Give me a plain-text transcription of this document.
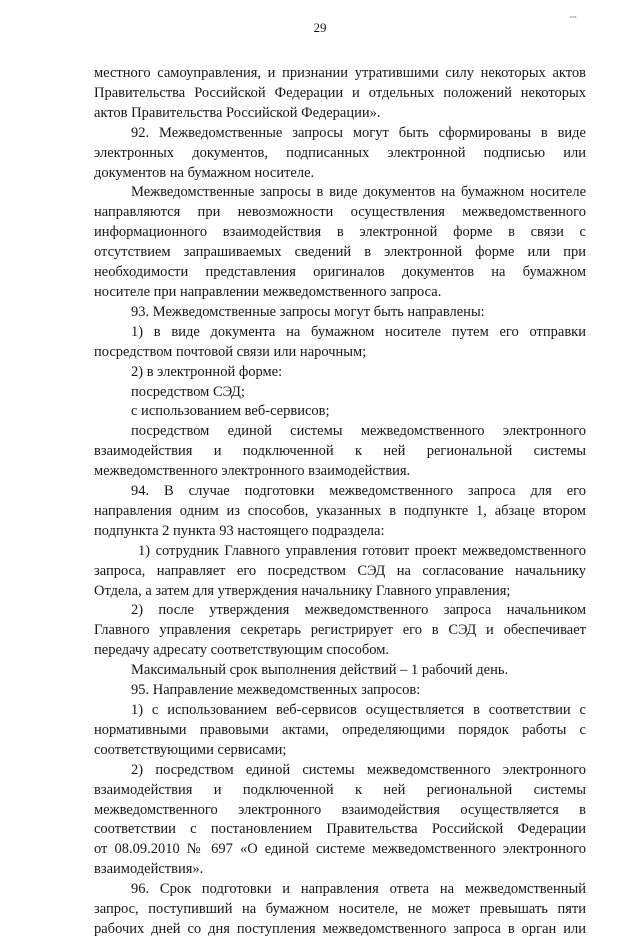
ꟷ
29

местного самоуправления, и признании утратившими силу некоторых актов

Правительства Российской Федерации и отдельных положений некоторых

актов Правительства Российской Федерации».

92. Межведомственные запросы могут быть сформированы в виде

электронных документов, подписанных электронной подписью или

документов на бумажном носителе.

Межведомственные запросы в виде документов на бумажном носителе

направляются при невозможности осуществления межведомственного

информационного взаимодействия в электронной форме в связи с

отсутствием запрашиваемых сведений в электронной форме или при

необходимости представления оригиналов документов на бумажном

носителе при направлении межведомственного запроса.

93. Межведомственные запросы могут быть направлены:

1) в виде документа на бумажном носителе путем его отправки

посредством почтовой связи или нарочным;

2) в электронной форме:

посредством СЭД;

с использованием веб-сервисов;

посредством единой системы межведомственного электронного

взаимодействия и подключенной к ней региональной системы

межведомственного электронного взаимодействия.

94. В случае подготовки межведомственного запроса для его

направления одним из способов, указанных в подпункте 1, абзаце втором

подпункта 2 пункта 93 настоящего подраздела:

1) сотрудник Главного управления готовит проект межведомственного

запроса, направляет его посредством СЭД на согласование начальнику

Отдела, а затем для утверждения начальнику Главного управления;

2) после утверждения межведомственного запроса начальником

Главного управления секретарь регистрирует его в СЭД и обеспечивает

передачу адресату соответствующим способом.

Максимальный срок выполнения действий – 1 рабочий день.

95. Направление межведомственных запросов:

1) с использованием веб-сервисов осуществляется в соответствии с

нормативными правовыми актами, определяющими порядок работы с

соответствующими сервисами;

2) посредством единой системы межведомственного электронного

взаимодействия и подключенной к ней региональной системы

межведомственного электронного взаимодействия осуществляется в

соответствии с постановлением Правительства Российской Федерации

от 08.09.2010 № 697 «О единой системе межведомственного электронного

взаимодействия».

96. Срок подготовки и направления ответа на межведомственный

запрос, поступивший на бумажном носителе, не может превышать пяти

рабочих дней со дня поступления межведомственного запроса в орган или
